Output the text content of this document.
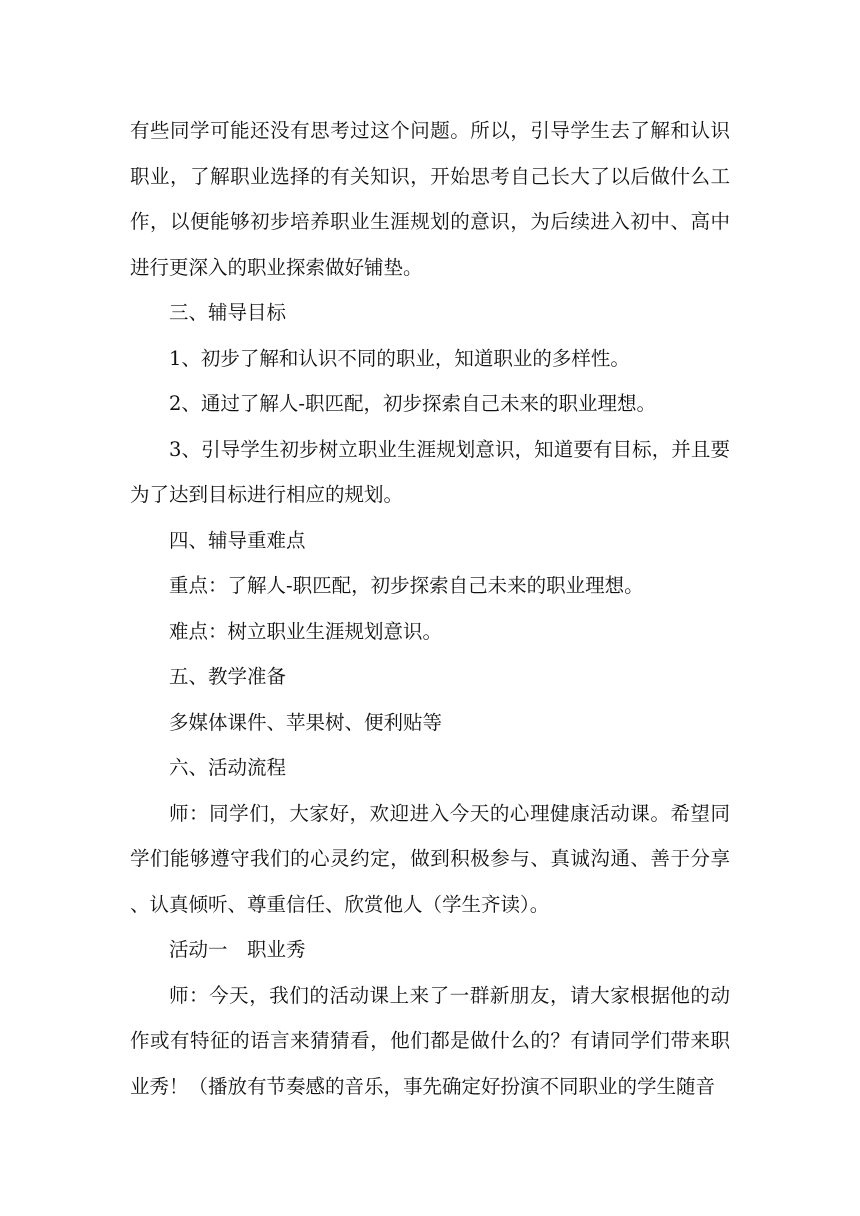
有些同学可能还没有思考过这个问题。所以，引导学生去了解和认识职业，了解职业选择的有关知识，开始思考自己长大了以后做什么工作，以便能够初步培养职业生涯规划的意识，为后续进入初中、高中进行更深入的职业探索做好铺垫。

三、辅导目标

1、初步了解和认识不同的职业，知道职业的多样性。

2、通过了解人-职匹配，初步探索自己未来的职业理想。

3、引导学生初步树立职业生涯规划意识，知道要有目标，并且要为了达到目标进行相应的规划。

四、辅导重难点

重点：了解人-职匹配，初步探索自己未来的职业理想。

难点：树立职业生涯规划意识。

五、教学准备

多媒体课件、苹果树、便利贴等

六、活动流程

师：同学们，大家好，欢迎进入今天的心理健康活动课。希望同学们能够遵守我们的心灵约定，做到积极参与、真诚沟通、善于分享、认真倾听、尊重信任、欣赏他人（学生齐读）。

活动一　职业秀

师：今天，我们的活动课上来了一群新朋友，请大家根据他的动作或有特征的语言来猜猜看，他们都是做什么的？有请同学们带来职业秀！（播放有节奏感的音乐，事先确定好扮演不同职业的学生随音
